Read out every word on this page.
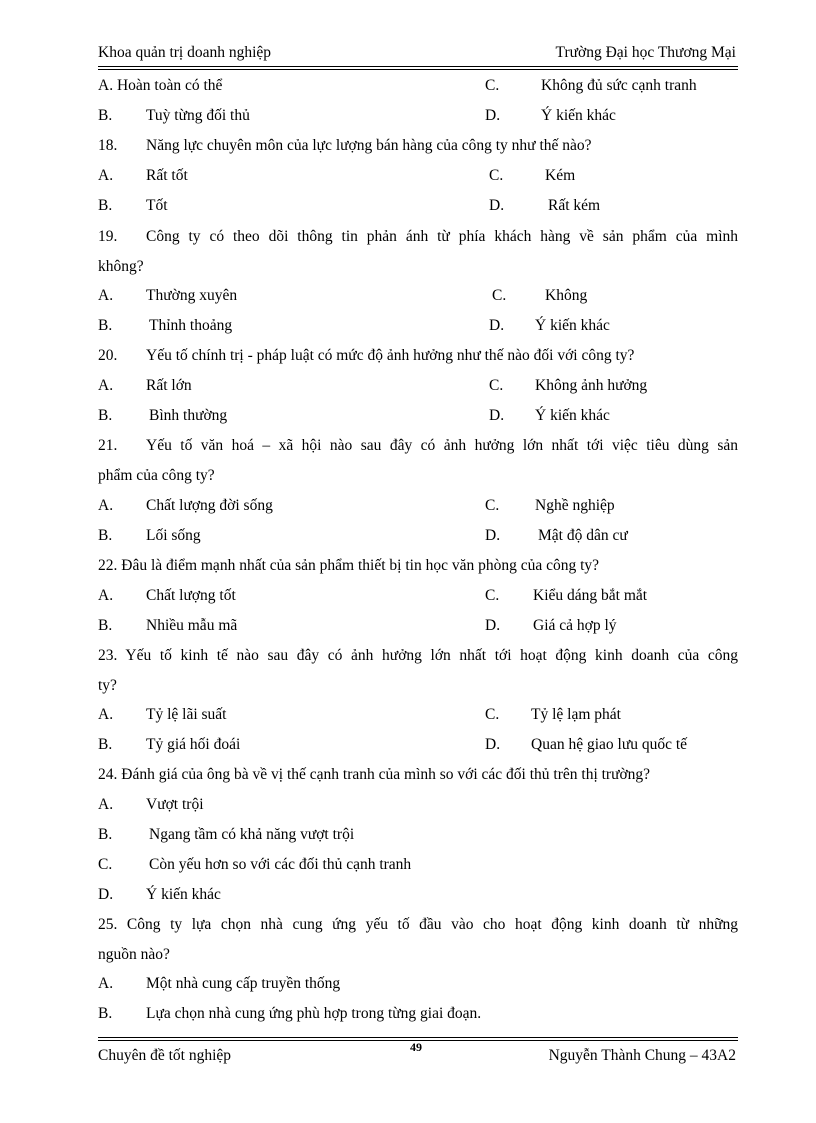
Khoa quản trị doanh nghiệp	Trường Đại học Thương Mại
A. Hoàn toàn có thể	C.	Không đủ sức cạnh tranh
B. Tuỳ từng đối thủ	D.	Ý kiến khác
18. Năng lực chuyên môn của lực lượng bán hàng của công ty như thế nào?
A. Rất tốt	C.	Kém
B. Tốt	D.	Rất kém
19. Công ty có theo dõi thông tin phản ánh từ phía khách hàng về sản phẩm của mình
không?
A. Thường xuyên	C.	Không
B. Thỉnh thoảng	D. Ý kiến khác
20. Yếu tố chính trị - pháp luật có mức độ ảnh hưởng như thế nào đối với công ty?
A. Rất lớn	C. Không ảnh hưởng
B. Bình thường	D. Ý kiến khác
21. Yếu tố văn hoá – xã hội nào sau đây có ảnh hưởng lớn nhất tới việc tiêu dùng sản
phẩm của công ty?
A. Chất lượng đời sống	C. Nghề nghiệp
B. Lối sống	D. Mật độ dân cư
22. Đâu là điểm mạnh nhất của sản phẩm thiết bị tin học văn phòng của công ty?
A. Chất lượng tốt	C. Kiểu dáng bắt mắt
B. Nhiều mẫu mã	D. Giá cả hợp lý
23. Yếu tố kinh tế nào sau đây có ảnh hưởng lớn nhất tới hoạt động kinh doanh của công
ty?
A. Tỷ lệ lãi suất	C. Tỷ lệ lạm phát
B. Tỷ giá hối đoái	D. Quan hệ giao lưu quốc tế
24. Đánh giá của ông bà về vị thế cạnh tranh của mình so với các đối thủ trên thị trường?
A. Vượt trội
B. Ngang tầm có khả năng vượt trội
C. Còn yếu hơn so với các đối thủ cạnh tranh
D. Ý kiến khác
25. Công ty lựa chọn nhà cung ứng yếu tố đầu vào cho hoạt động kinh doanh từ những
nguồn nào?
A. Một nhà cung cấp truyền thống
B. Lựa chọn nhà cung ứng phù hợp trong từng giai đoạn.
Chuyên đề tốt nghiệp	49	Nguyễn Thành Chung – 43A2
